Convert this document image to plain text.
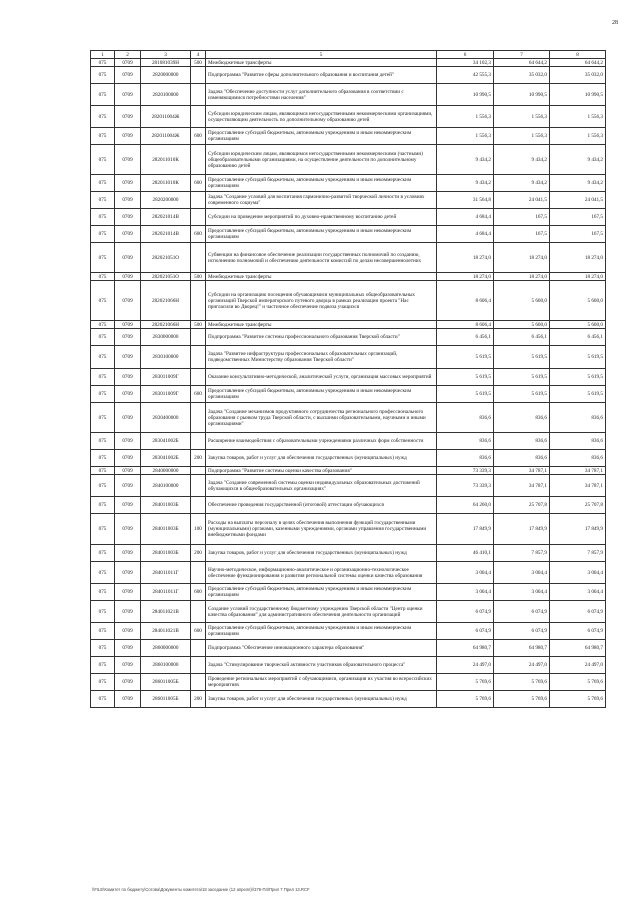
28
1	2	3	4	5	6	7	8
075	0709	281081039Н	500	Межбюджетные трансферты	34 102,3	64 644,2	64 644,2
075	0709	2820000000		Подпрограмма "Развитие сферы дополнительного образования и воспитания детей"	42 555,3	35 032,0	35 032,0
075	0709	2820100000		Задача "Обеспечение доступности услуг дополнительного образования в соответствии с изменяющимися потребностями населения"	10 990,5	10 990,5	10 990,5
075	0709	282011004Ж		Субсидии юридическим лицам, являющимся негосударственными некоммерческими организациями, осуществляющим деятельность по дополнительному образованию детей	1 556,3	1 556,3	1 556,3
075	0709	282011004Ж	600	Предоставление субсидий бюджетным, автономным учреждениям и иным некоммерческим организациям	1 556,3	1 556,3	1 556,3
075	0709	282011010К		Субсидии юридическим лицам, являющимся негосударственными некоммерческими (частными) общеобразовательными организациями, на осуществление деятельности по дополнительному образованию детей	9 434,2	9 434,2	9 434,2
075	0709	282011010К	600	Предоставление субсидий бюджетным, автономным учреждениям и иным некоммерческим организациям	9 434,2	9 434,2	9 434,2
075	0709	2820200000		Задача "Создание условий для воспитания гармонично-развитой творческой личности в условиях современного социума"	31 564,8	24 041,5	24 041,5
075	0709	282021014В		Субсидии на проведение мероприятий по духовно-нравственному воспитанию детей	4 684,4	167,5	167,5
075	0709	282021014В	600	Предоставление субсидий бюджетным, автономным учреждениям и иным некоммерческим организациям	4 684,4	167,5	167,5
075	0709	282021051О		Субвенции на финансовое обеспечение реализации государственных полномочий по созданию, исполнению полномочий и обеспечению деятельности комиссий по делам несовершеннолетних	18 274,0	18 274,0	18 274,0
075	0709	282021051О	500	Межбюджетные трансферты	18 274,0	18 274,0	18 274,0
075	0709	282021066Н		Субсидии на организацию посещения обучающимися муниципальных общеобразовательных организаций Тверской императорского путевого дворца в рамках реализации проекта "Нас пригласили во Дворец!" и частичное обеспечение подвоза учащихся	8 606,4	5 600,0	5 600,0
075	0709	282021066Н	500	Межбюджетные трансферты	8 606,4	5 600,0	5 600,0
075	0709	2830000000		Подпрограмма "Развитие системы профессионального образования Тверской области"	6 456,1	6 456,1	6 456,1
075	0709	2830100000		Задача "Развитие инфраструктуры профессиональных образовательных организаций, подведомственных Министерству образования Тверской области"	5 619,5	5 619,5	5 619,5
075	0709	283011009Г		Оказание консультативно-методической, аналитической услуги, организация массовых мероприятий	5 619,5	5 619,5	5 619,5
075	0709	283011009Г	600	Предоставление субсидий бюджетным, автономным учреждениям и иным некоммерческим организациям	5 619,5	5 619,5	5 619,5
075	0709	2830400000		Задача "Создание механизмов продуктивного сотрудничества регионального профессионального образования с рынком труда Тверской области, с высшими образовательными, научными и иными организациями"	836,6	836,6	836,6
075	0709	283041002Б		Расширение взаимодействия с образовательными учреждениями различных форм собственности	836,6	836,6	836,6
075	0709	283041002Б	200	Закупка товаров, работ и услуг для обеспечения государственных (муниципальных) нужд	836,6	836,6	836,6
075	0709	2840000000		Подпрограмма "Развитие системы оценки качества образования"	73 339,3	34 787,1	34 787,1
075	0709	2840100000		Задача "Создание современной системы оценки индивидуальных образовательных достижений обучающихся в общеобразовательных организациях"	73 339,3	34 787,1	34 787,1
075	0709	284011003Б		Обеспечение проведения государственной (итоговой) аттестации обучающихся	64 260,0	25 707,8	25 707,8
075	0709	284011003Б	100	Расходы на выплаты персоналу в целях обеспечения выполнения функций государственными (муниципальными) органами, казенными учреждениями, органами управления государственными внебюджетными фондами	17 849,9	17 849,9	17 849,9
075	0709	284011003Б	200	Закупка товаров, работ и услуг для обеспечения государственных (муниципальных) нужд	46 410,1	7 857,9	7 857,9
075	0709	284011011Г		Научно-методическое, информационно-аналитическое и организационно-технологическое обеспечение функционирования и развития региональной системы оценки качества образования	3 004,4	3 004,4	3 004,4
075	0709	284011011Г	600	Предоставление субсидий бюджетным, автономным учреждениям и иным некоммерческим организациям	3 004,4	3 004,4	3 004,4
075	0709	284011021В		Создание условий государственному бюджетному учреждению Тверской области "Центр оценки качества образования" для административного обеспечения деятельности организаций	6 074,9	6 074,9	6 074,9
075	0709	284011021В	600	Предоставление субсидий бюджетным, автономным учреждениям и иным некоммерческим организациям	6 074,9	6 074,9	6 074,9
075	0709	2860000000		Подпрограмма "Обеспечение инновационного характера образования"	64 980,7	64 980,7	64 980,7
075	0709	2860100000		Задача "Стимулирование творческой активности участников образовательного процесса"	24 497,0	24 497,0	24 497,0
075	0709	286011005Б		Проведение региональных мероприятий с обучающимися, организация их участия во всероссийских мероприятиях	5 769,6	5 769,6	5 769,6
075	0709	286011005Б	200	Закупка товаров, работ и услуг для обеспечения государственных (муниципальных) нужд	5 769,6	5 769,6	5 769,6
\\FILE\Комитет по бюджету\Сотова\Документы комитета\18 заседание (12 апреля)\\376-П4\Прил 7 Прил 13.RCF
